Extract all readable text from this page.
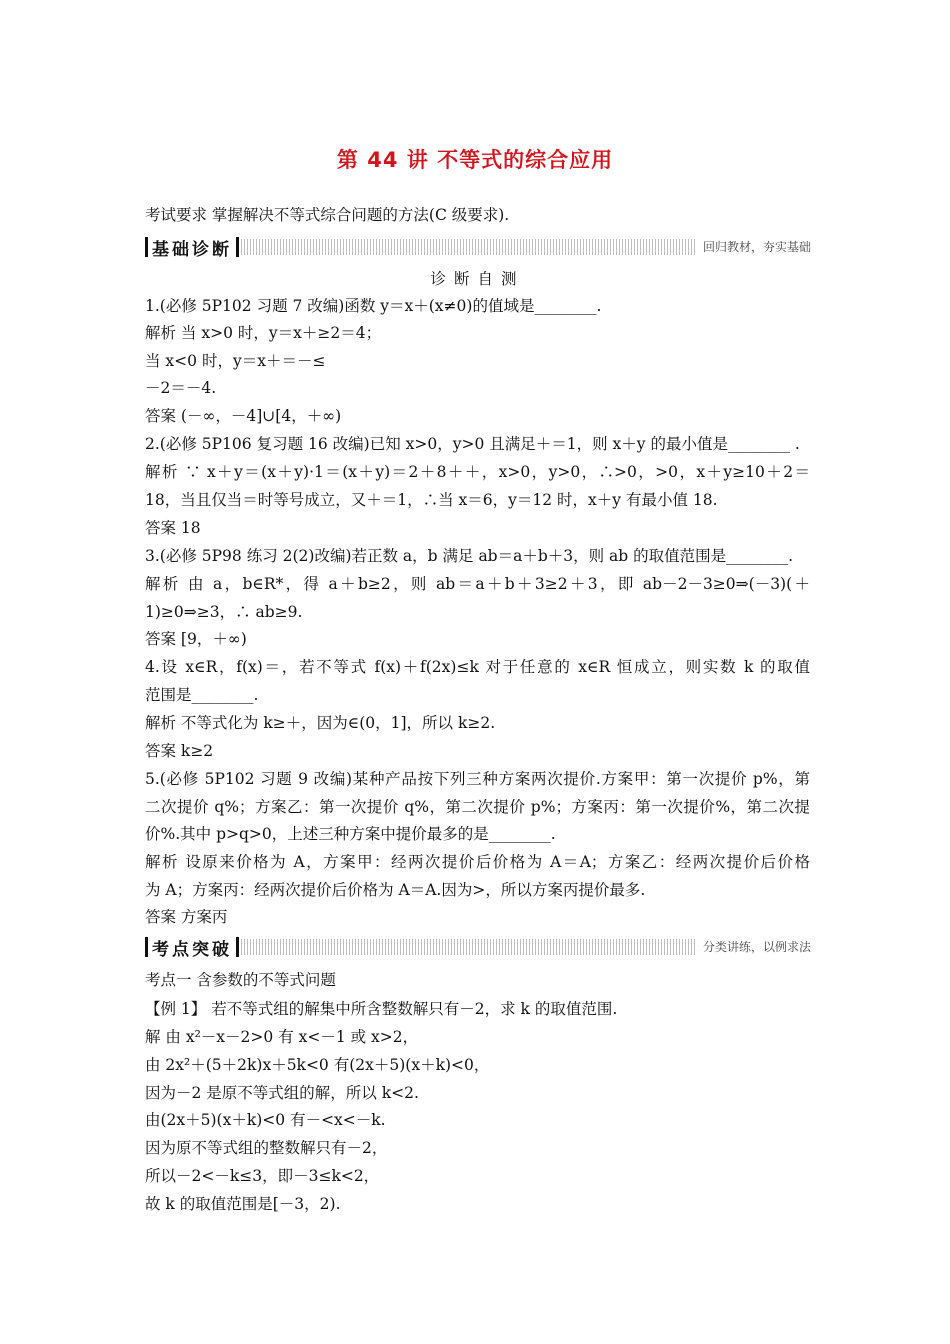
第 44 讲 不等式的综合应用
考试要求 掌握解决不等式综合问题的方法(C 级要求).
基础诊断	回归教材，夯实基础
诊断自测
1.(必修 5P102 习题 7 改编)函数 y＝x＋(x≠0)的值域是________.
解析 当 x>0 时，y＝x＋≥2＝4；
当 x<0 时，y＝x＋＝－≤
－2＝－4.
答案 (－∞，－4]∪[4，＋∞)
2.(必修 5P106 复习题 16 改编)已知 x>0，y>0 且满足＋＝1，则 x＋y 的最小值是________ .
解析 ∵ x＋y＝(x＋y)·1＝(x＋y)＝2＋8＋＋，x>0，y>0，∴>0，>0，x＋y≥10＋2＝
18，当且仅当＝时等号成立，又＋＝1，∴当 x＝6，y＝12 时，x＋y 有最小值 18.
答案 18
3.(必修 5P98 练习 2(2)改编)若正数 a，b 满足 ab＝a＋b＋3，则 ab 的取值范围是________.
解析 由 a，b∈R*，得 a＋b≥2，则 ab＝a＋b＋3≥2＋3，即 ab－2－3≥0⇒(－3)(＋
1)≥0⇒≥3，∴ ab≥9.
答案 [9，＋∞)
4.设 x∈R，f(x)＝，若不等式 f(x)＋f(2x)≤k 对于任意的 x∈R 恒成立，则实数 k 的取值
范围是________.
解析 不等式化为 k≥＋，因为∈(0，1]，所以 k≥2.
答案 k≥2
5.(必修 5P102 习题 9 改编)某种产品按下列三种方案两次提价.方案甲：第一次提价 p%，第
二次提价 q%；方案乙：第一次提价 q%，第二次提价 p%；方案丙：第一次提价%，第二次提
价%.其中 p>q>0，上述三种方案中提价最多的是________.
解析 设原来价格为 A，方案甲：经两次提价后价格为 A＝A；方案乙：经两次提价后价格
为 A；方案丙：经两次提价后价格为 A＝A.因为>，所以方案丙提价最多.
答案 方案丙
考点突破	分类讲练，以例求法
考点一 含参数的不等式问题
【例 1】 若不等式组的解集中所含整数解只有－2，求 k 的取值范围.
解 由 x²－x－2>0 有 x<－1 或 x>2，
由 2x²＋(5＋2k)x＋5k<0 有(2x＋5)(x＋k)<0，
因为－2 是原不等式组的解，所以 k<2.
由(2x＋5)(x＋k)<0 有－<x<－k.
因为原不等式组的整数解只有－2，
所以－2<－k≤3，即－3≤k<2，
故 k 的取值范围是[－3，2).
